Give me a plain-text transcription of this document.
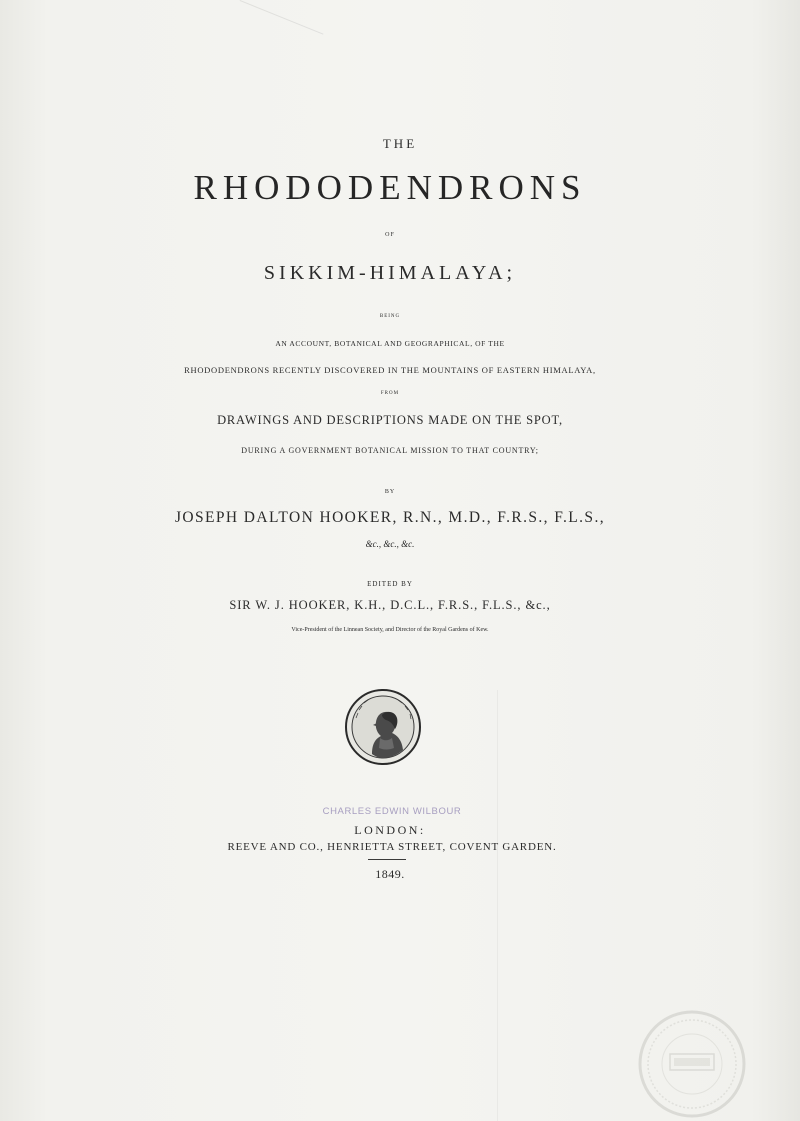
THE

RHODODENDRONS

OF

SIKKIM-HIMALAYA;

BEING

AN ACCOUNT, BOTANICAL AND GEOGRAPHICAL, OF THE

RHODODENDRONS RECENTLY DISCOVERED IN THE MOUNTAINS OF EASTERN HIMALAYA,

FROM

DRAWINGS AND DESCRIPTIONS MADE ON THE SPOT,

DURING A GOVERNMENT BOTANICAL MISSION TO THAT COUNTRY;

BY

JOSEPH DALTON HOOKER, R.N., M.D., F.R.S., F.L.S.,

&c., &c., &c.

EDITED BY

SIR W. J. HOOKER, K.H., D.C.L., F.R.S., F.L.S., &c.,

Vice-President of the Linnean Society, and Director of the Royal Gardens of Kew.

CHARLES EDWIN WILBOUR

LONDON:

REEVE AND CO., HENRIETTA STREET, COVENT GARDEN.

1849.
